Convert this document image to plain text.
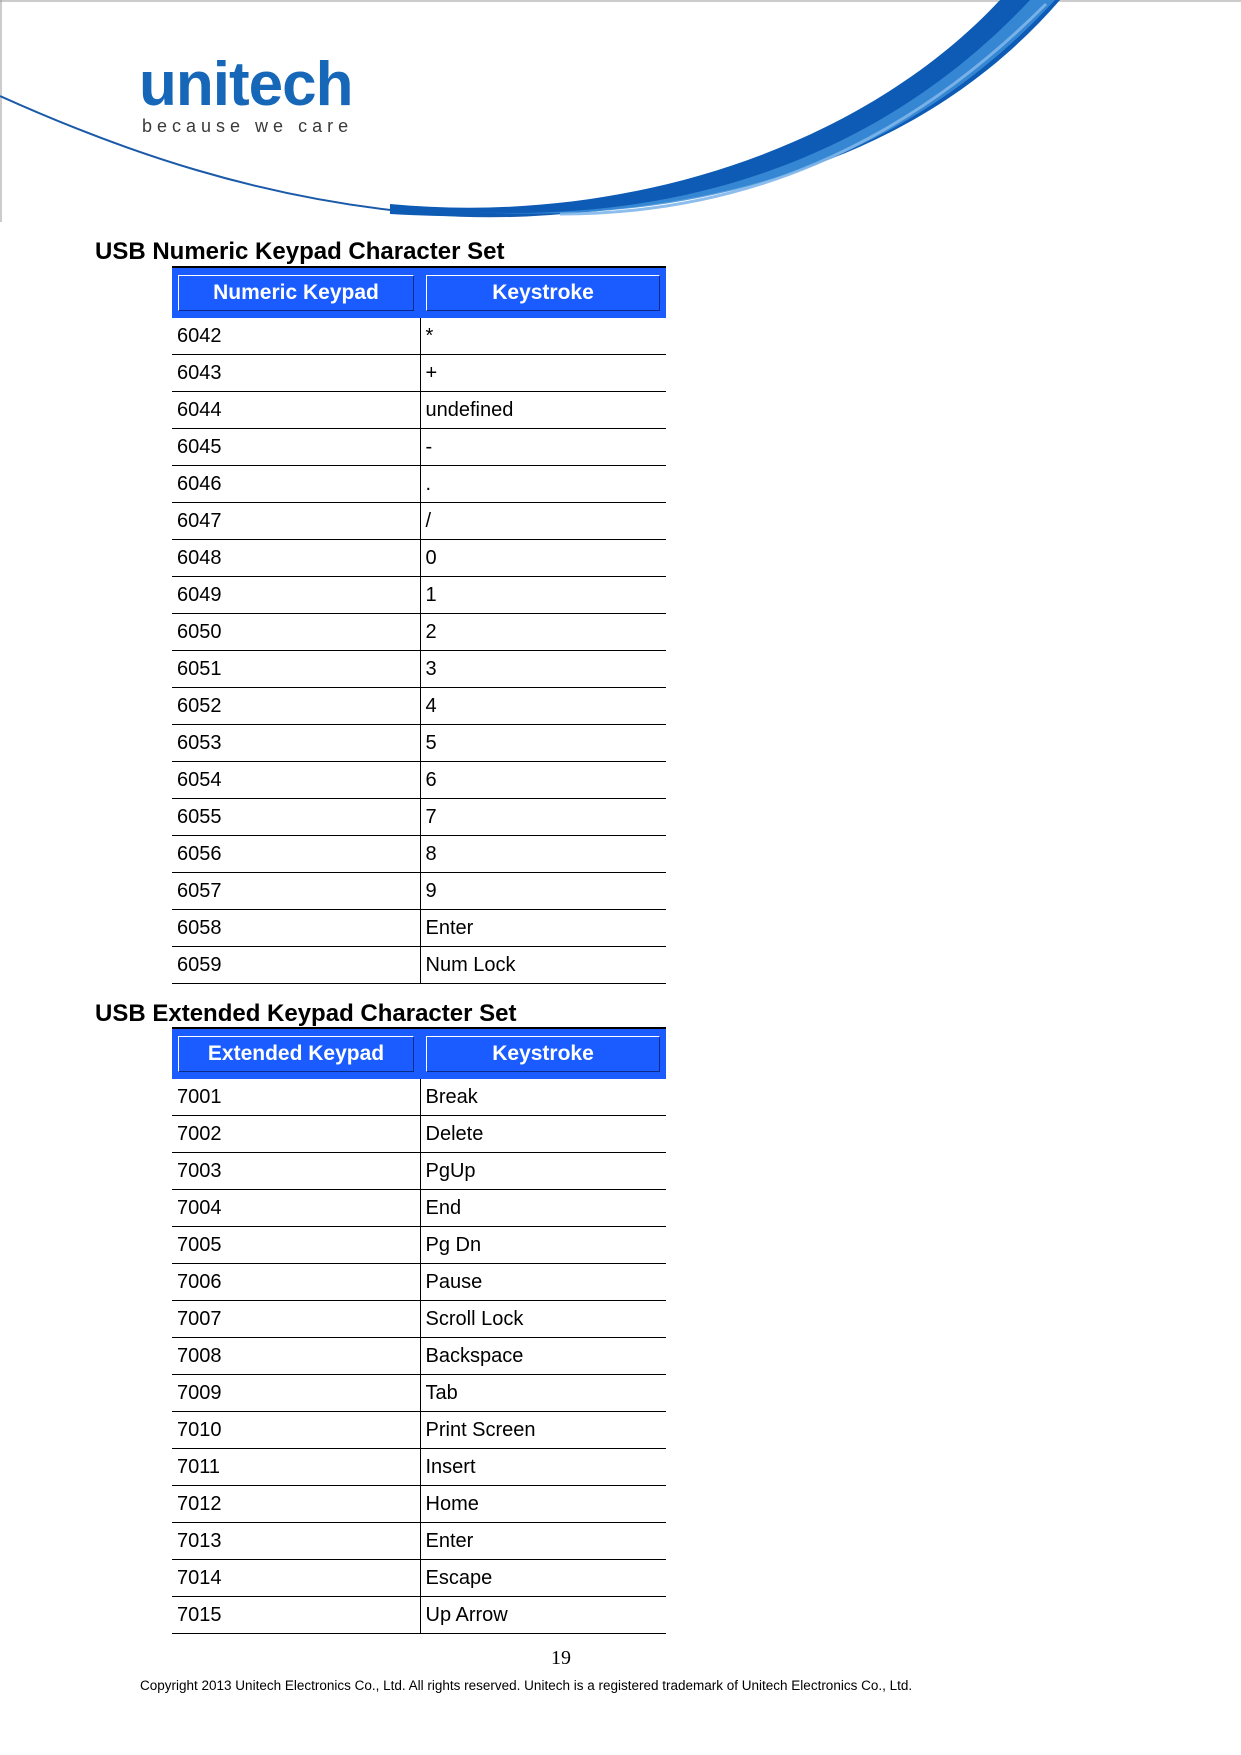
unitech
because we care
USB Numeric Keypad Character Set
Numeric Keypad	Keystroke

6042	*
6043	+
6044	undefined
6045	-
6046	.
6047	/
6048	0
6049	1
6050	2
6051	3
6052	4
6053	5
6054	6
6055	7
6056	8
6057	9
6058	Enter
6059	Num Lock
USB Extended Keypad Character Set
Extended Keypad	Keystroke

7001	Break
7002	Delete
7003	PgUp
7004	End
7005	Pg Dn
7006	Pause
7007	Scroll Lock
7008	Backspace
7009	Tab
7010	Print Screen
7011	Insert
7012	Home
7013	Enter
7014	Escape
7015	Up Arrow
19
Copyright 2013 Unitech Electronics Co., Ltd. All rights reserved. Unitech is a registered trademark of Unitech Electronics Co., Ltd.
